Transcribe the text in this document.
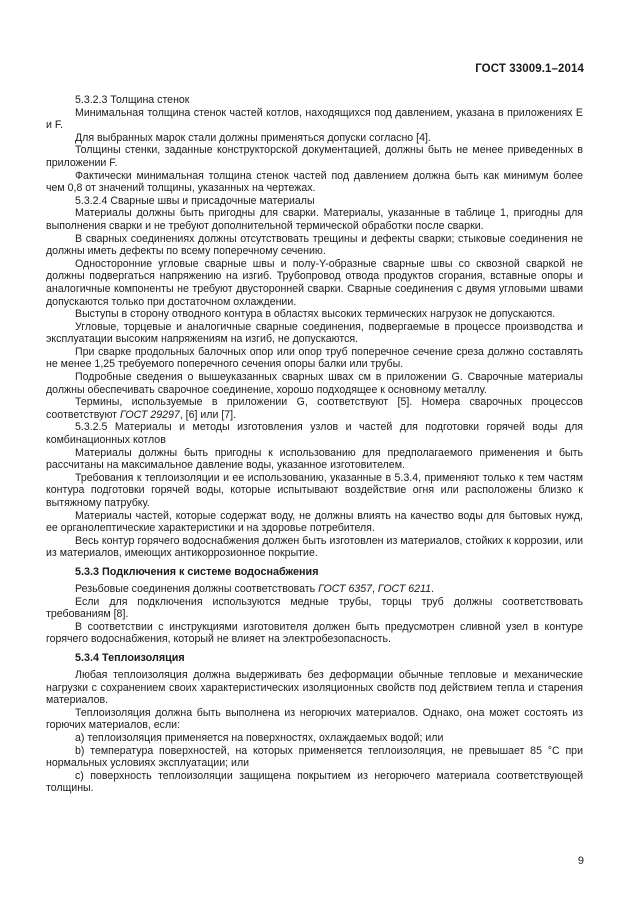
ГОСТ 33009.1–2014

5.3.2.3 Толщина стенок

Минимальная толщина стенок частей котлов, находящихся под давлением, указана в приложениях E и F.

Для выбранных марок стали должны применяться допуски согласно [4].

Толщины стенки, заданные конструкторской документацией, должны быть не менее приведенных в приложении F.

Фактически минимальная толщина стенок частей под давлением должна быть как минимум более чем 0,8 от значений толщины, указанных на чертежах.

5.3.2.4 Сварные швы и присадочные материалы

Материалы должны быть пригодны для сварки. Материалы, указанные в таблице 1, пригодны для выполнения сварки и не требуют дополнительной термической обработки после сварки.

В сварных соединениях должны отсутствовать трещины и дефекты сварки; стыковые соединения не должны иметь дефекты по всему поперечному сечению.

Односторонние угловые сварные швы и полу-Y-образные сварные швы со сквозной сваркой не должны подвергаться напряжению на изгиб. Трубопровод отвода продуктов сгорания, вставные опоры и аналогичные компоненты не требуют двусторонней сварки. Сварные соединения с двумя угловыми швами допускаются только при достаточном охлаждении.

Выступы в сторону отводного контура в областях высоких термических нагрузок не допускаются.

Угловые, торцевые и аналогичные сварные соединения, подвергаемые в процессе производства и эксплуатации высоким напряжениям на изгиб, не допускаются.

При сварке продольных балочных опор или опор труб поперечное сечение среза должно составлять не менее 1,25 требуемого поперечного сечения опоры балки или трубы.

Подробные сведения о вышеуказанных сварных швах см в приложении G. Сварочные материалы должны обеспечивать сварочное соединение, хорошо подходящее к основному металлу.

Термины, используемые в приложении G, соответствуют [5]. Номера сварочных процессов соответствуют ГОСТ 29297, [6] или [7].

5.3.2.5 Материалы и методы изготовления узлов и частей для подготовки горячей воды для комбинационных котлов

Материалы должны быть пригодны к использованию для предполагаемого применения и быть рассчитаны на максимальное давление воды, указанное изготовителем.

Требования к теплоизоляции и ее использованию, указанные в 5.3.4, применяют только к тем частям контура подготовки горячей воды, которые испытывают воздействие огня или расположены близко к вытяжному патрубку.

Материалы частей, которые содержат воду, не должны влиять на качество воды для бытовых нужд, ее органолептические характеристики и на здоровье потребителя.

Весь контур горячего водоснабжения должен быть изготовлен из материалов, стойких к коррозии, или из материалов, имеющих антикоррозионное покрытие.

5.3.3 Подключения к системе водоснабжения

Резьбовые соединения должны соответствовать ГОСТ 6357, ГОСТ 6211.

Если для подключения используются медные трубы, торцы труб должны соответствовать требованиям [8].

В соответствии с инструкциями изготовителя должен быть предусмотрен сливной узел в контуре горячего водоснабжения, который не влияет на электробезопасность.

5.3.4 Теплоизоляция

Любая теплоизоляция должна выдерживать без деформации обычные тепловые и механические нагрузки с сохранением своих характеристических изоляционных свойств под действием тепла и старения материалов.

Теплоизоляция должна быть выполнена из негорючих материалов. Однако, она может состоять из горючих материалов, если:

а) теплоизоляция применяется на поверхностях, охлаждаемых водой; или

b) температура поверхностей, на которых применяется теплоизоляция, не превышает 85 °С при нормальных условиях эксплуатации; или

с) поверхность теплоизоляции защищена покрытием из негорючего материала соответствующей толщины.

9
